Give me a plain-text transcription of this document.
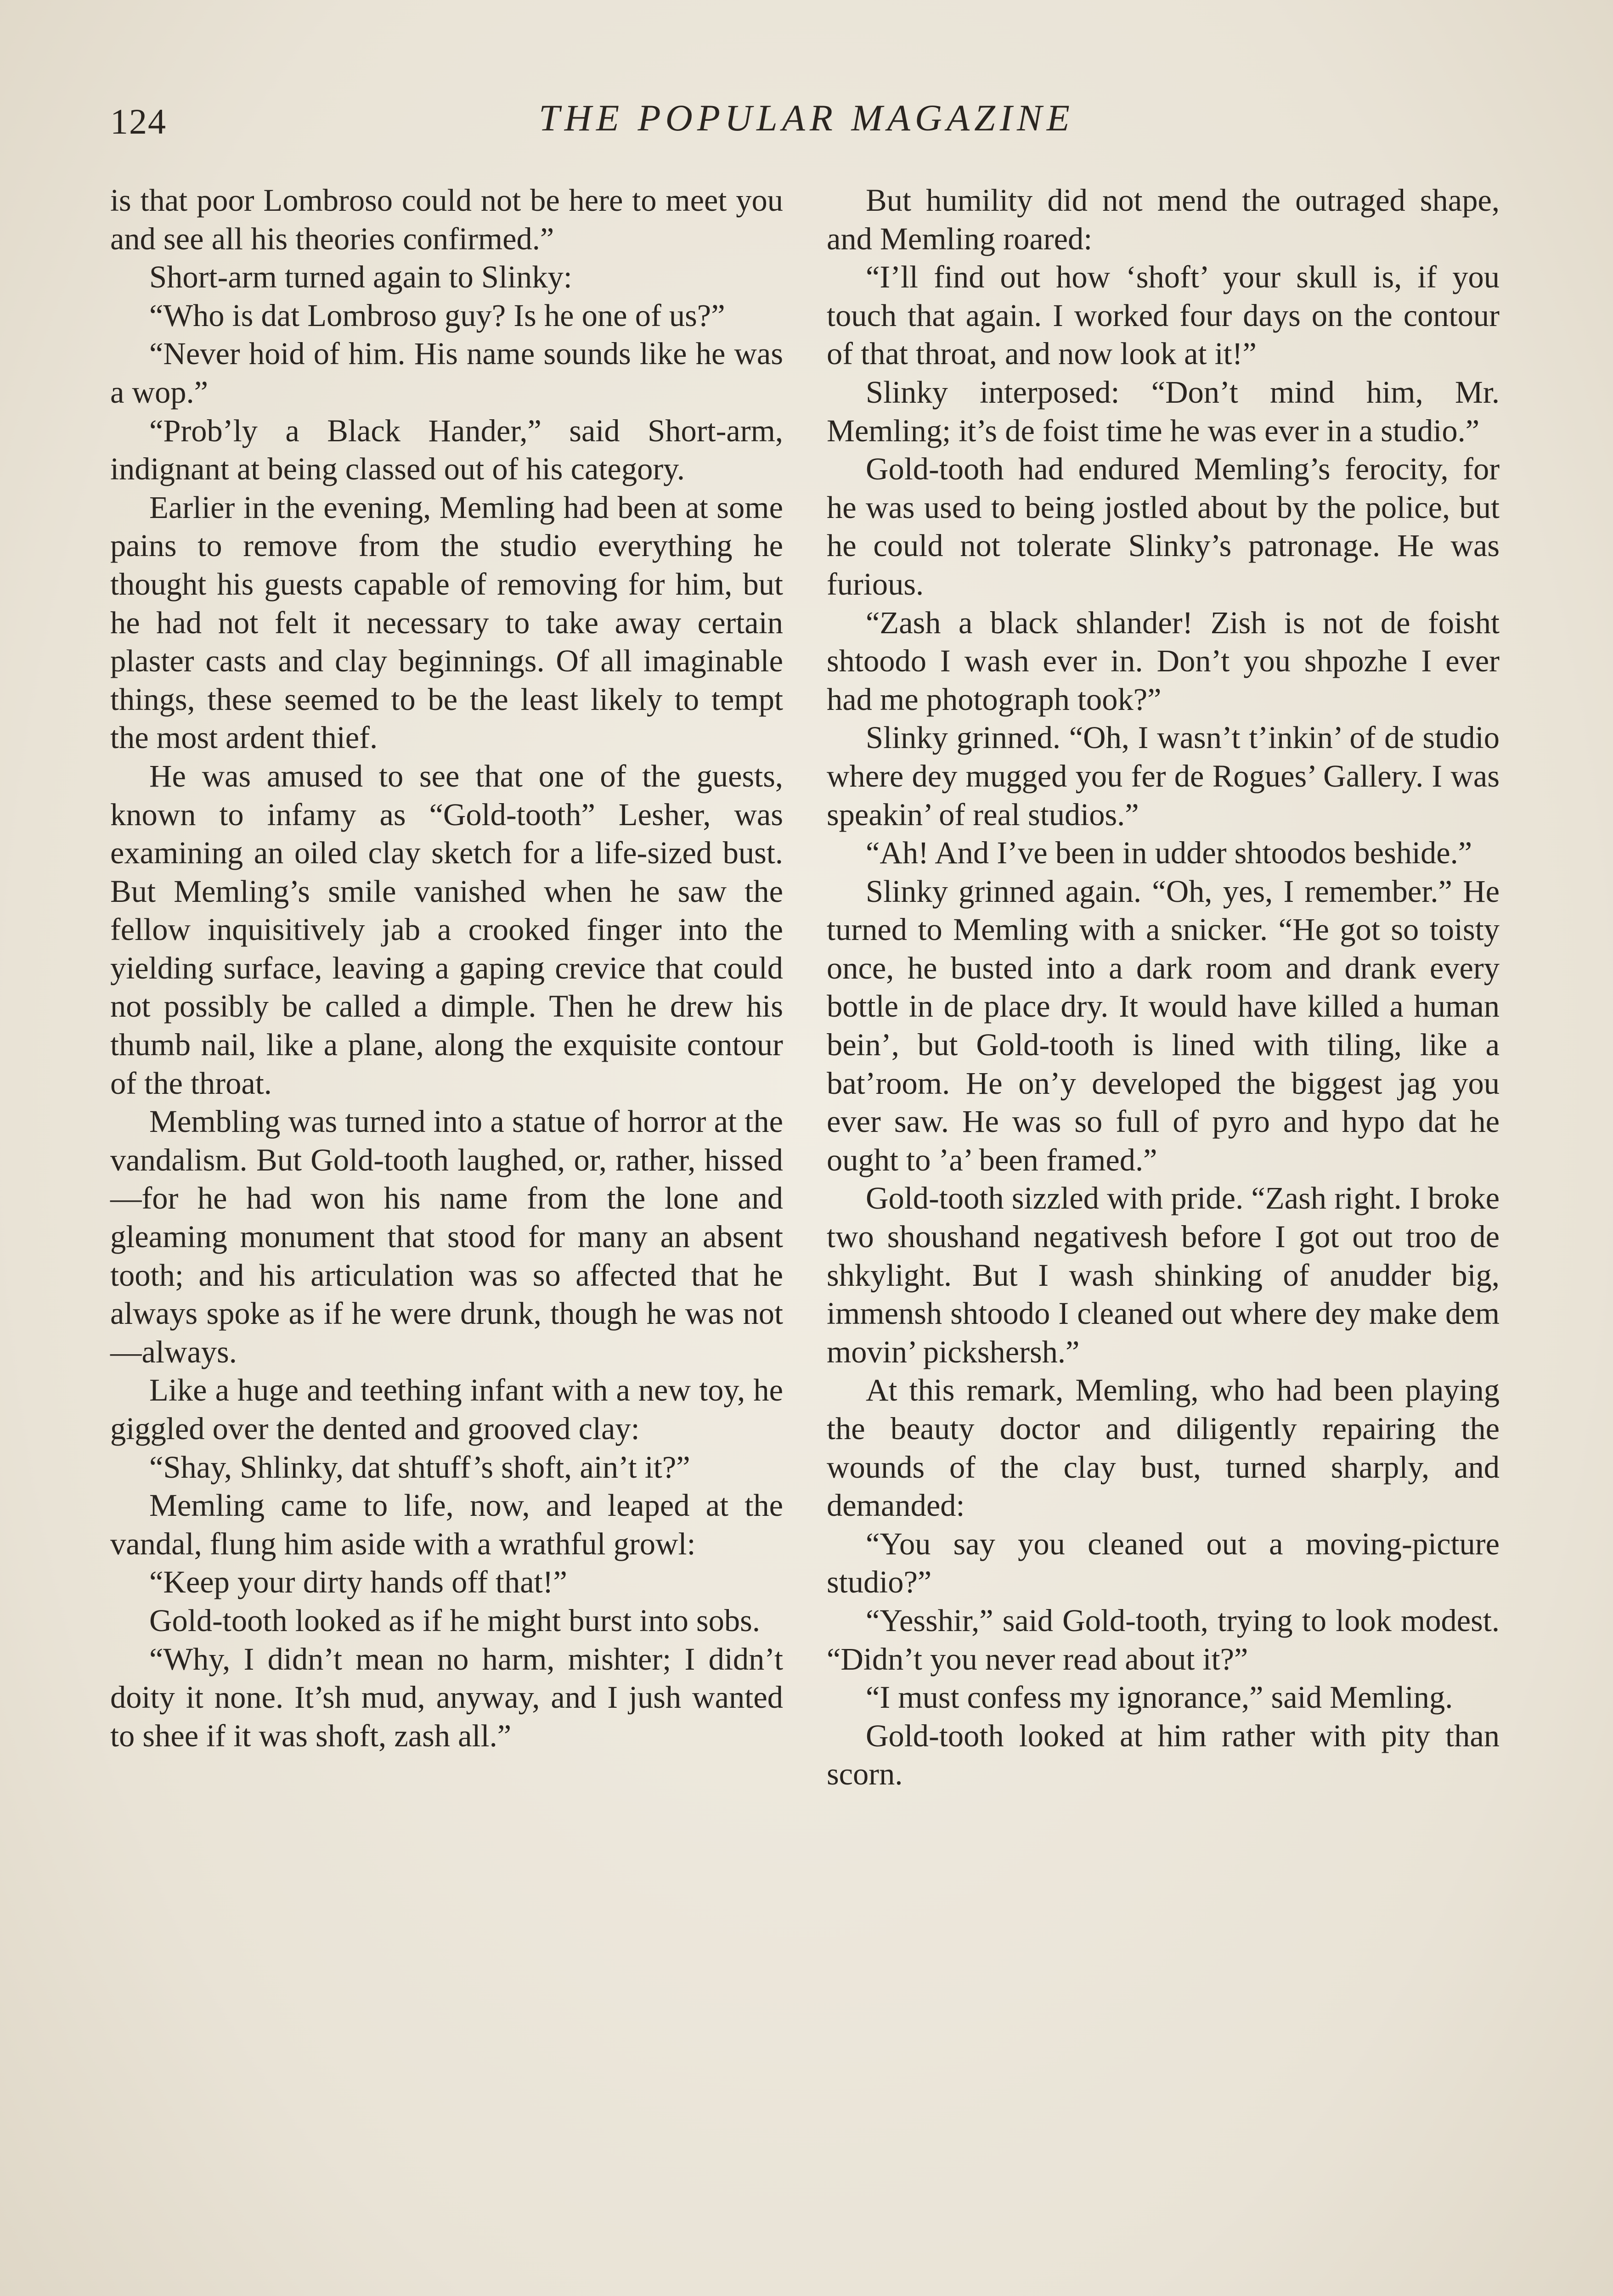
124	THE POPULAR MAGAZINE

is that poor Lombroso could not be here to meet you and see all his theories confirmed.”

Short-arm turned again to Slinky:

“Who is dat Lombroso guy? Is he one of us?”

“Never hoid of him. His name sounds like he was a wop.”

“Prob’ly a Black Hander,” said Short-arm, indignant at being classed out of his category.

Earlier in the evening, Memling had been at some pains to remove from the studio everything he thought his guests capable of removing for him, but he had not felt it necessary to take away certain plaster casts and clay beginnings. Of all imaginable things, these seemed to be the least likely to tempt the most ardent thief.

He was amused to see that one of the guests, known to infamy as “Gold-tooth” Lesher, was examining an oiled clay sketch for a life-sized bust. But Memling’s smile vanished when he saw the fellow inquisitively jab a crooked finger into the yielding surface, leaving a gaping crevice that could not possibly be called a dimple. Then he drew his thumb nail, like a plane, along the exquisite contour of the throat.

Membling was turned into a statue of horror at the vandalism. But Gold-tooth laughed, or, rather, hissed—for he had won his name from the lone and gleaming monument that stood for many an absent tooth; and his articulation was so affected that he always spoke as if he were drunk, though he was not—always.

Like a huge and teething infant with a new toy, he giggled over the dented and grooved clay:

“Shay, Shlinky, dat shtuff’s shoft, ain’t it?”

Memling came to life, now, and leaped at the vandal, flung him aside with a wrathful growl:

“Keep your dirty hands off that!”

Gold-tooth looked as if he might burst into sobs.

“Why, I didn’t mean no harm, mishter; I didn’t doity it none. It’sh mud, anyway, and I jush wanted to shee if it was shoft, zash all.”

But humility did not mend the outraged shape, and Memling roared:

“I’ll find out how ‘shoft’ your skull is, if you touch that again. I worked four days on the contour of that throat, and now look at it!”

Slinky interposed: “Don’t mind him, Mr. Memling; it’s de foist time he was ever in a studio.”

Gold-tooth had endured Memling’s ferocity, for he was used to being jostled about by the police, but he could not tolerate Slinky’s patronage. He was furious.

“Zash a black shlander! Zish is not de foisht shtoodo I wash ever in. Don’t you shpozhe I ever had me photograph took?”

Slinky grinned. “Oh, I wasn’t t’inkin’ of de studio where dey mugged you fer de Rogues’ Gallery. I was speakin’ of real studios.”

“Ah! And I’ve been in udder shtoodos beshide.”

Slinky grinned again. “Oh, yes, I remember.” He turned to Memling with a snicker. “He got so toisty once, he busted into a dark room and drank every bottle in de place dry. It would have killed a human bein’, but Gold-tooth is lined with tiling, like a bat’room. He on’y developed the biggest jag you ever saw. He was so full of pyro and hypo dat he ought to ’a’ been framed.”

Gold-tooth sizzled with pride. “Zash right. I broke two shoushand negativesh before I got out troo de shkylight. But I wash shinking of anudder big, immensh shtoodo I cleaned out where dey make dem movin’ pickshersh.”

At this remark, Memling, who had been playing the beauty doctor and diligently repairing the wounds of the clay bust, turned sharply, and demanded:

“You say you cleaned out a moving-picture studio?”

“Yesshir,” said Gold-tooth, trying to look modest. “Didn’t you never read about it?”

“I must confess my ignorance,” said Memling.

Gold-tooth looked at him rather with pity than scorn.
